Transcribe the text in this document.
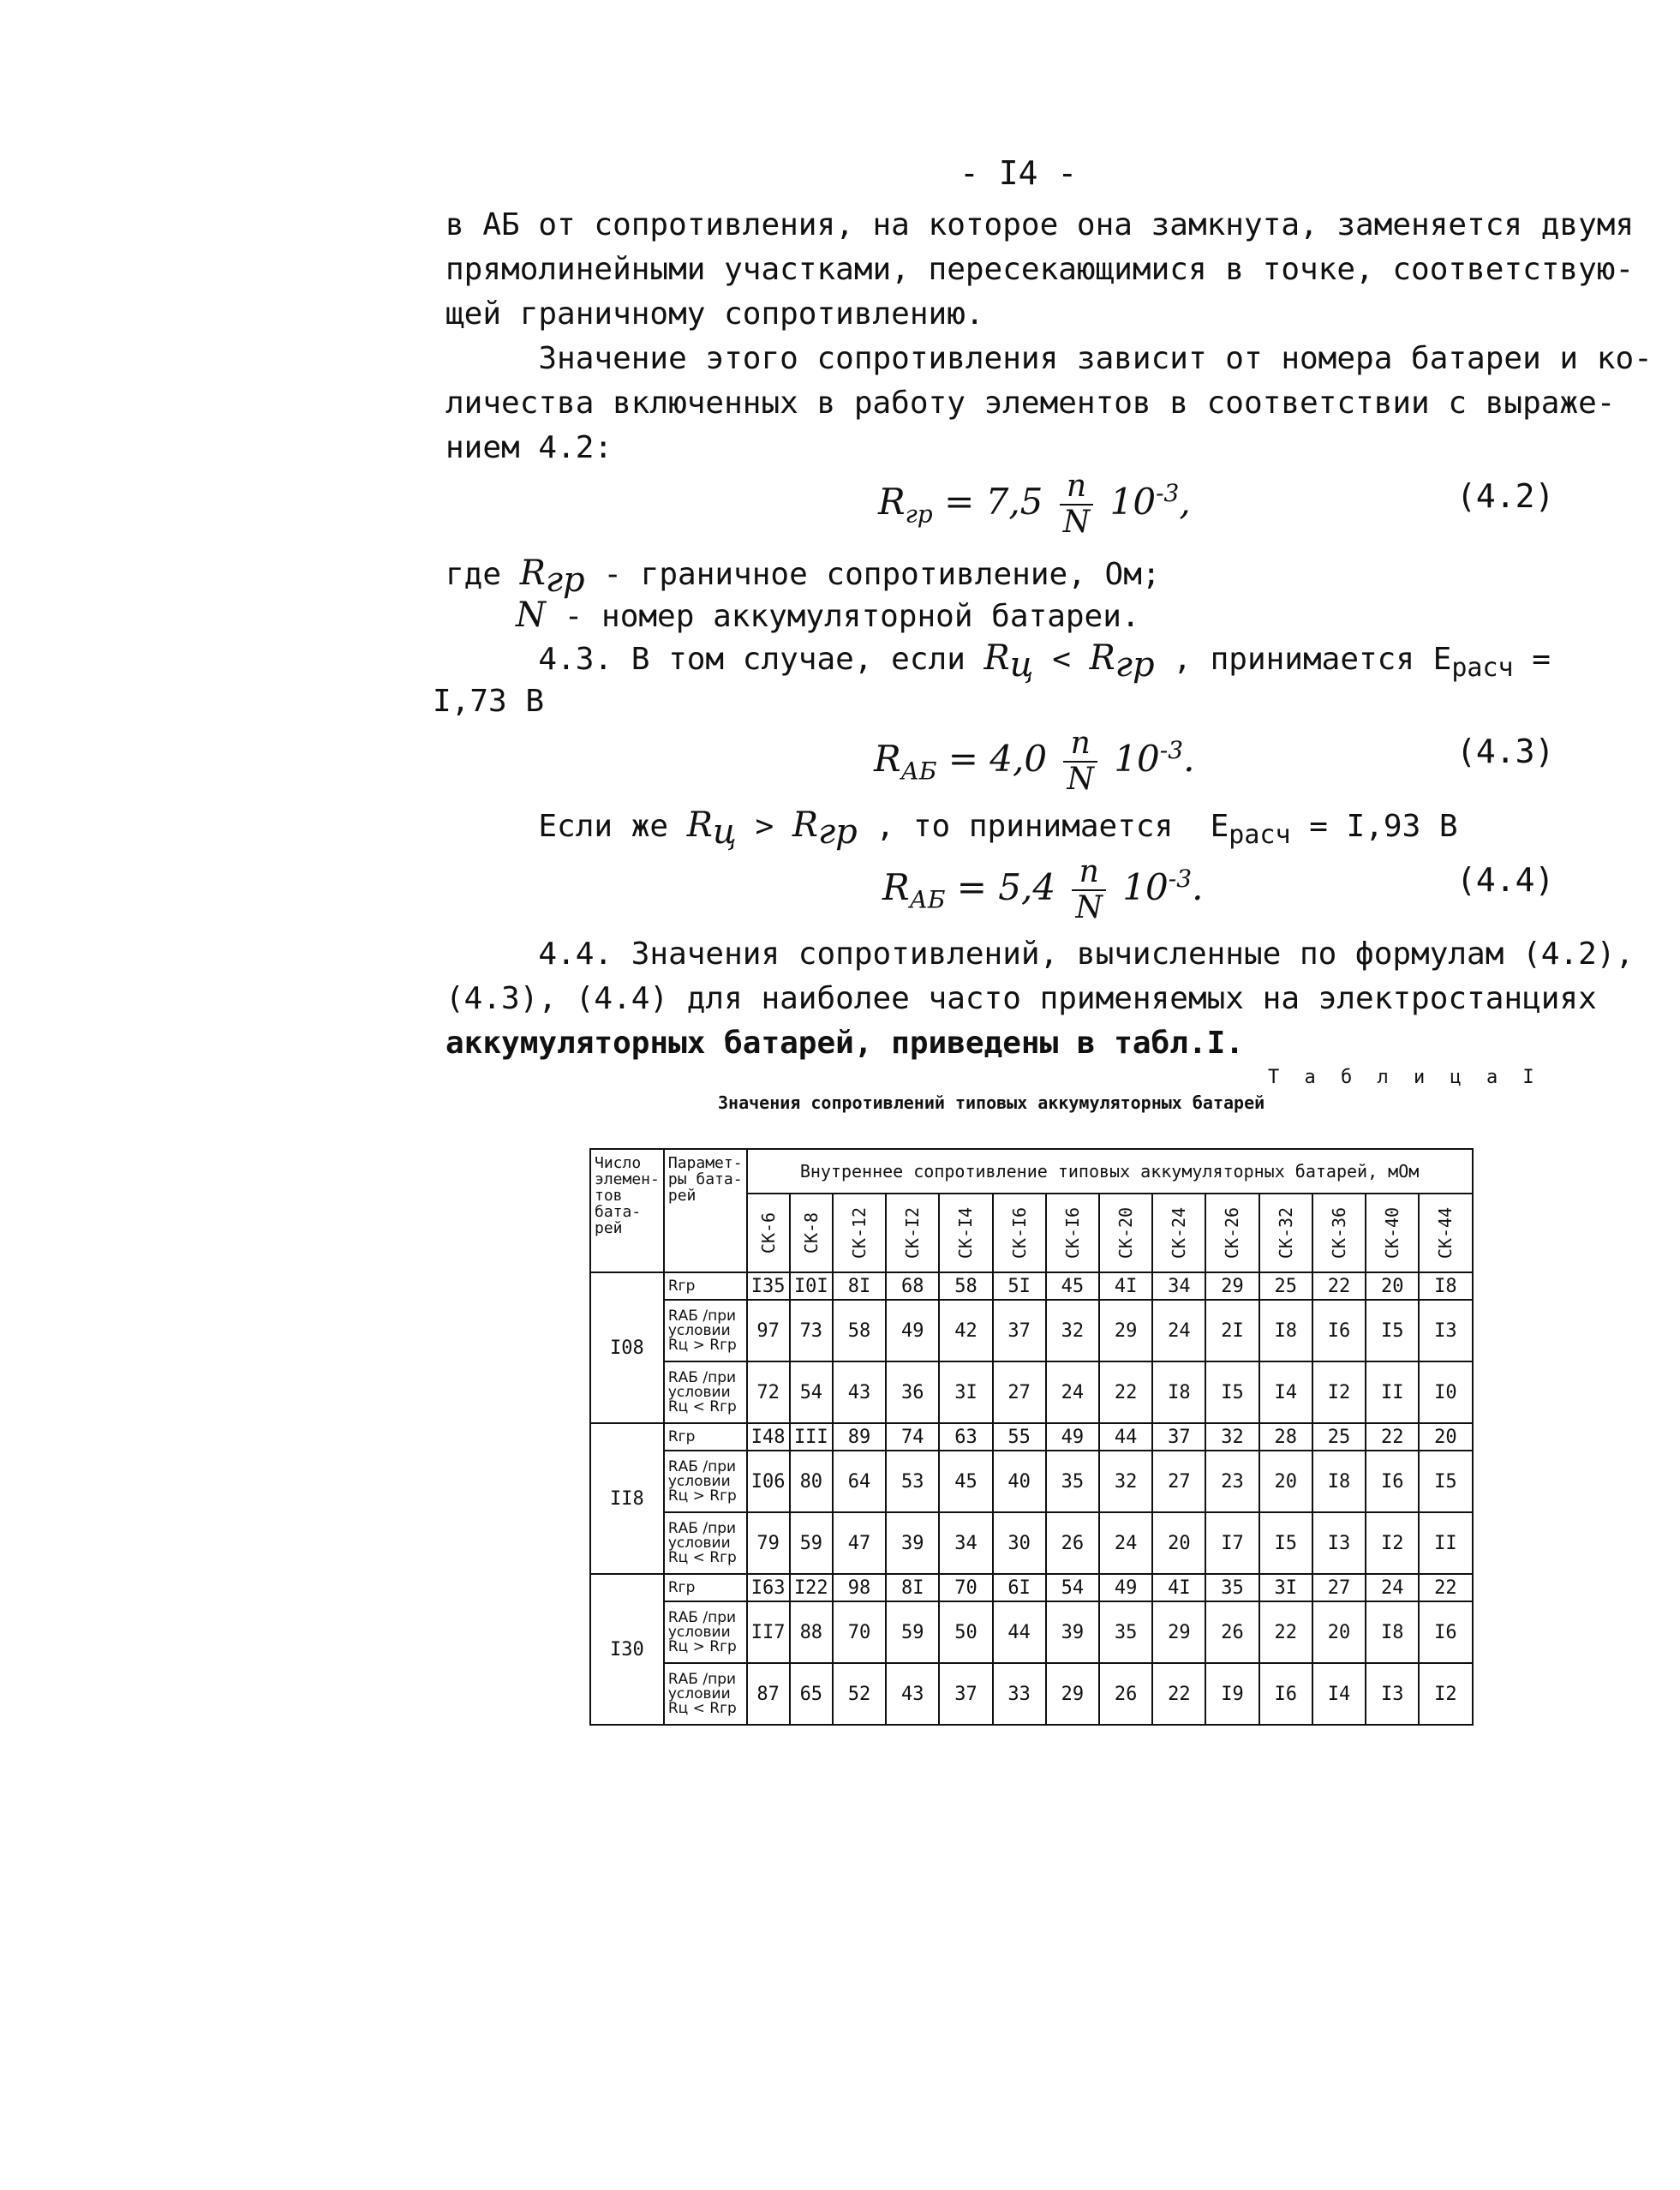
- I4 -
в АБ от сопротивления, на которое она замкнута, заменяется двумя
прямолинейными участками, пересекающимися в точке, соответствую-
щей граничному сопротивлению.
Значение этого сопротивления зависит от номера батареи и ко-
личества включенных в работу элементов в соответствии с выраже-
нием 4.2:
$R_{гр} = 7,5 \frac{n}{N} 10^{-3}$,	(4.2)
где $R_{гр}$ - граничное сопротивление, Ом;
N - номер аккумуляторной батареи.
4.3. В том случае, если $R_ц < R_{гр}$ , принимается $Е_{расч}$ =
I,73 В
$R_{АБ} = 4,0 \frac{n}{N} 10^{-3}$.	(4.3)
Если же $R_ц > R_{гр}$ , то принимается  $Е_{расч} = I,93$ В
$R_{АБ} = 5,4 \frac{n}{N} 10^{-3}$.	(4.4)
4.4. Значения сопротивлений, вычисленные по формулам (4.2),
(4.3), (4.4) для наиболее часто применяемых на электростанциях
аккумуляторных батарей, приведены в табл.I.
Т а б л и ц а I
Значения сопротивлений типовых аккумуляторных батарей
Число элемен- тов бата- рей	Парамет- ры бата- рей	Внутреннее сопротивление типовых аккумуляторных батарей, мОм													
		СК-6	СК-8	СК-12	СК-I2	СК-I4	СК-I6	СК-I6	СК-20	СК-24	СК-26	СК-32	СК-36	СК-40	СК-44
I08	Rгр	I35	I0I	8I	68	58	5I	45	4I	34	29	25	22	20	I8
	RАБ /при условии Rц > Rгр	97	73	58	49	42	37	32	29	24	2I	I8	I6	I5	I3
	RАБ /при условии Rц < Rгр	72	54	43	36	3I	27	24	22	I8	I5	I4	I2	II	I0
II8	Rгр	I48	III	89	74	63	55	49	44	37	32	28	25	22	20
	RАБ /при условии Rц > Rгр	I06	80	64	53	45	40	35	32	27	23	20	I8	I6	I5
	RАБ /при условии Rц < Rгр	79	59	47	39	34	30	26	24	20	I7	I5	I3	I2	II
I30	Rгр	I63	I22	98	8I	70	6I	54	49	4I	35	3I	27	24	22
	RАБ /при условии Rц > Rгр	II7	88	70	59	50	44	39	35	29	26	22	20	I8	I6
	RАБ /при условии Rц < Rгр	87	65	52	43	37	33	29	26	22	I9	I6	I4	I3	I2
